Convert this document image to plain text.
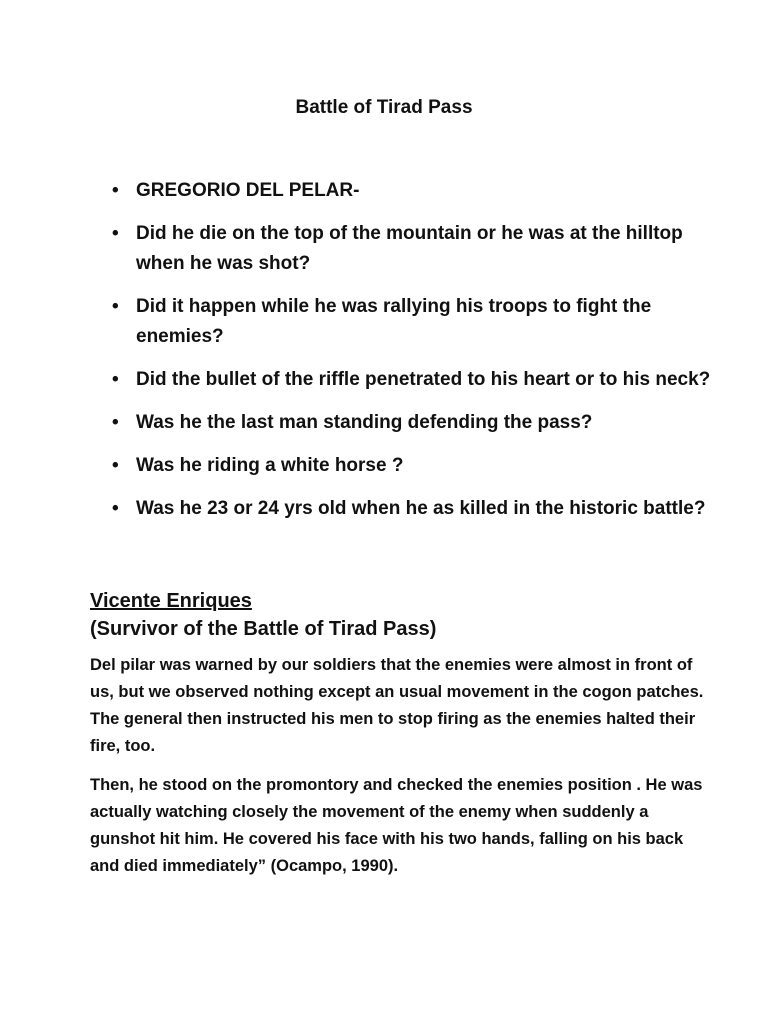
Battle of Tirad Pass
• GREGORIO DEL PELAR-
• Did he die on the top of the mountain or he was at the hilltop when he was shot?
• Did it happen while he was rallying his troops to fight the enemies?
• Did the bullet of the riffle penetrated to his heart or to his neck?
• Was he the last man standing defending the pass?
• Was he riding a white horse ?
• Was he 23 or 24 yrs old when he as killed in the historic battle?
Vicente Enriques
(Survivor of the Battle of Tirad Pass)

Del pilar was warned by our soldiers that the enemies were almost in front of us, but we observed nothing except an usual movement in the cogon patches. The general then instructed his men to stop firing as the enemies halted their fire, too.

Then, he stood on the promontory and checked the enemies position . He was actually watching closely the movement of the enemy when suddenly a gunshot hit him. He covered his face with his two hands, falling on his back and died immediately” (Ocampo, 1990).
